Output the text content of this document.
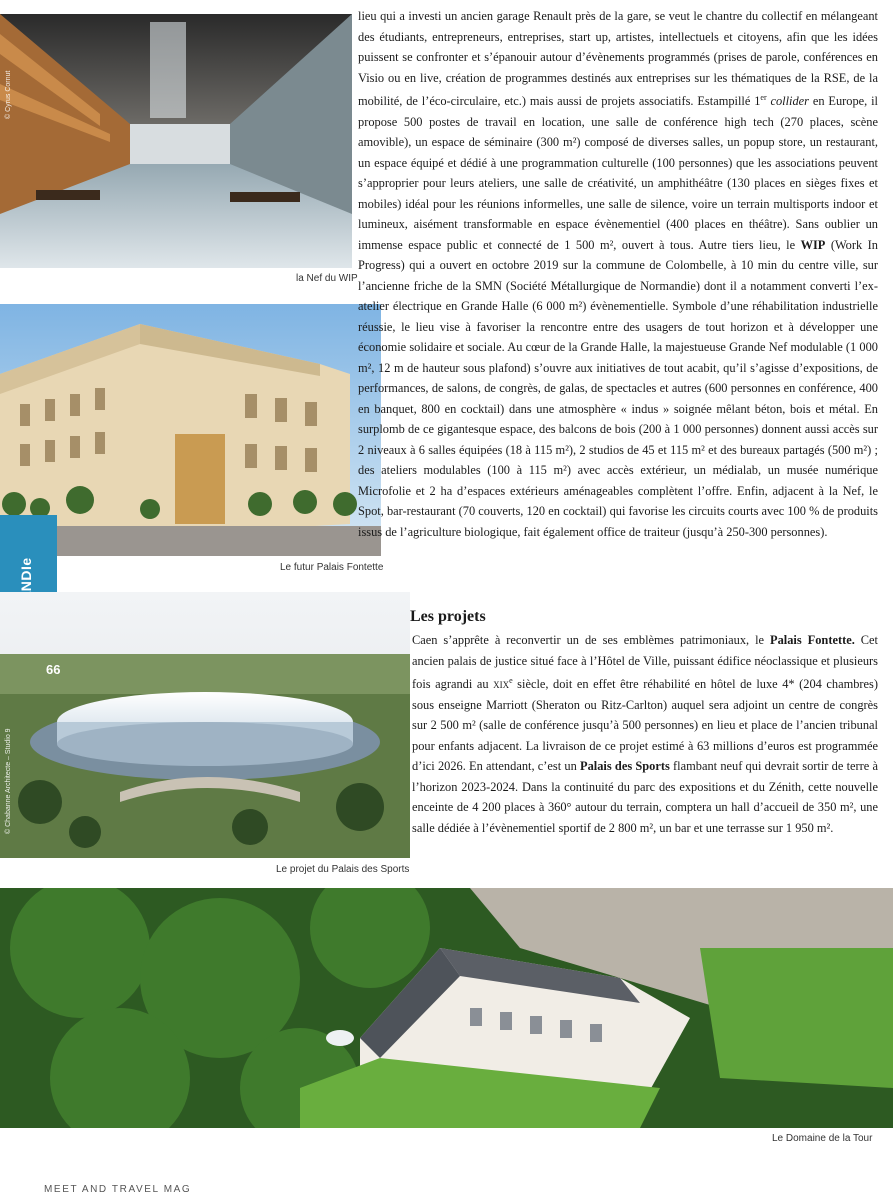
© Cyrus Cornut
la Nef du WIP
Le futur Palais Fontette
© Chabanne Architecte – Studio 9
66
Le projet du Palais des Sports
Le Domaine de la Tour

lieu qui a investi un ancien garage Renault près de la gare, se veut le chantre du collectif en mélangeant des étudiants, entrepreneurs, entreprises, start up, artistes, intellectuels et citoyens, afin que les idées puissent se confronter et s’épanouir autour d’évènements programmés (prises de parole, conférences en Visio ou en live, création de programmes destinés aux entreprises sur les thématiques de la RSE, de la mobilité, de l’éco-circulaire, etc.) mais aussi de projets associatifs. Estampillé 1er collider en Europe, il propose 500 postes de travail en location, une salle de conférence high tech (270 places, scène amovible), un espace de séminaire (300 m²) composé de diverses salles, un popup store, un restaurant, un espace équipé et dédié à une programmation culturelle (100 personnes) que les associations peuvent s’approprier pour leurs ateliers, une salle de créativité, un amphithéâtre (130 places en sièges fixes et mobiles) idéal pour les réunions informelles, une salle de silence, voire un terrain multisports indoor et lumineux, aisément transformable en espace évènementiel (400 places en théâtre). Sans oublier un immense espace public et connecté de 1 500 m², ouvert à tous. Autre tiers lieu, le WIP (Work In Progress) qui a ouvert en octobre 2019 sur la commune de Colombelle, à 10 min du centre ville, sur l’ancienne friche de la SMN (Société Métallurgique de Normandie) dont il a notamment converti l’ex-atelier électrique en Grande Halle (6 000 m²) évènementielle. Symbole d’une réhabilitation industrielle réussie, le lieu vise à favoriser la rencontre entre des usagers de tout horizon et à développer une économie solidaire et sociale. Au cœur de la Grande Halle, la majestueuse Grande Nef modulable (1 000 m², 12 m de hauteur sous plafond) s’ouvre aux initiatives de tout acabit, qu’il s’agisse d’expositions, de performances, de salons, de congrès, de galas, de spectacles et autres (600 personnes en conférence, 400 en banquet, 800 en cocktail) dans une atmosphère « indus » soignée mêlant béton, bois et métal. En surplomb de ce gigantesque espace, des balcons de bois (200 à 1 000 personnes) donnent aussi accès sur 2 niveaux à 6 salles équipées (18 à 115 m²), 2 studios de 45 et 115 m² et des bureaux partagés (500 m²) ; des ateliers modulables (100 à 115 m²) avec accès extérieur, un médialab, un musée numérique Microfolie et 2 ha d’espaces extérieurs aménageables complètent l’offre. Enfin, adjacent à la Nef, le Spot, bar-restaurant (70 couverts, 120 en cocktail) qui favorise les circuits courts avec 100 % de produits issus de l’agriculture biologique, fait également office de traiteur (jusqu’à 250-300 personnes).

Les projets

Caen s’apprête à reconvertir un de ses emblèmes patrimoniaux, le Palais Fontette. Cet ancien palais de justice situé face à l’Hôtel de Ville, puissant édifice néoclassique et plusieurs fois agrandi au xix$^e$ siècle, doit en effet être réhabilité en hôtel de luxe 4* (204 chambres) sous enseigne Marriott (Sheraton ou Ritz-Carlton) auquel sera adjoint un centre de congrès sur 2 500 m² (salle de conférence jusqu’à 500 personnes) en lieu et place de l’ancien tribunal pour enfants adjacent. La livraison de ce projet estimé à 63 millions d’euros est programmée d’ici 2026. En attendant, c’est un Palais des Sports flambant neuf qui devrait sortir de terre à l’horizon 2023-2024. Dans la continuité du parc des expositions et du Zénith, cette nouvelle enceinte de 4 200 places à 360° autour du terrain, comptera un hall d’accueil de 350 m², une salle dédiée à l’évènementiel sportif de 2 800 m², un bar et une terrasse sur 1 950 m².

MEET AND TRAVEL MAG
